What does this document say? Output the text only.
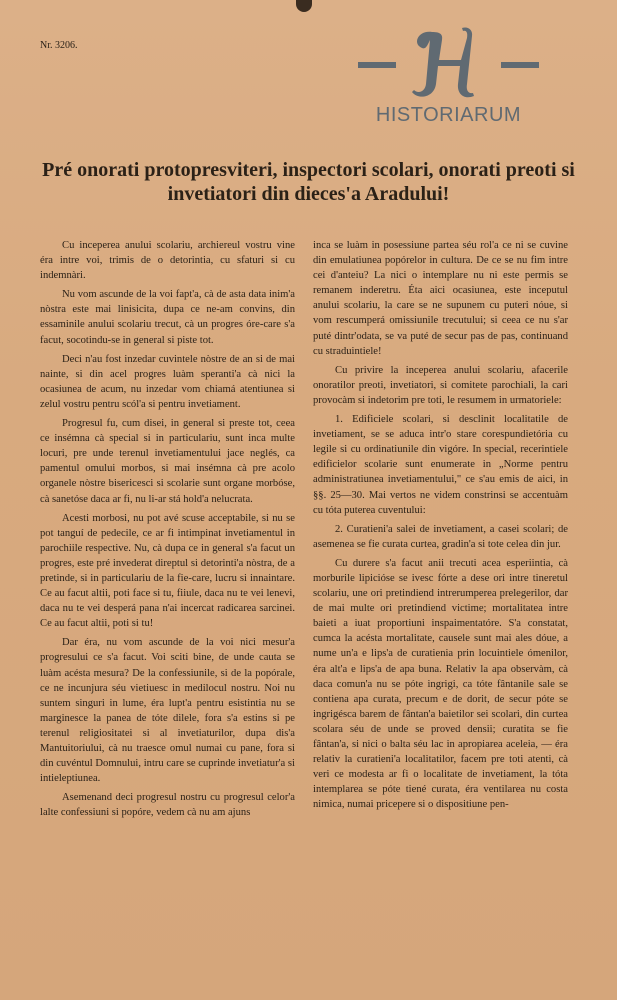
Nr. 3206.
HISTORIARUM
Pré onorati protopresviteri, inspectori scolari, onorati preoti si invetiatori din dieces'a Aradului!

Cu inceperea anului scolariu, archiereul vostru vine éra intre voi, trimis de o detorintia, cu sfaturi si cu indemnàri.

Nu vom ascunde de la voi fapt'a, cà de asta data inim'a nòstra este mai linisicita, dupa ce ne-am convins, din essaminile anului scolariu trecut, cà un progres óre-care s'a facut, socotindu-se in general si piste tot.

Deci n'au fost inzedar cuvintele nòstre de an si de mai nainte, si din acel progres luàm speranti'a cà nici la ocasiunea de acum, nu inzedar vom chiamá atentiunea si zelul vostru pentru scól'a si pentru invetiament.

Progresul fu, cum disei, in general si preste tot, ceea ce insémna cà special si in particulariu, sunt inca multe locuri, pre unde terenul invetiamentului jace neglés, ca pamentul omului morbos, si mai insémna cà pre acolo organele nòstre bisericesci si scolarie sunt organe morbóse, cà sanetóse daca ar fi, nu li-ar stá hold'a nelucrata.

Acesti morbosi, nu pot avé scuse acceptabile, si nu se pot tanguí de pedecile, ce ar fi intimpinat invetiamentul in parochiile respective. Nu, cà dupa ce in general s'a facut un progres, este pré invederat direptul si detorinti'a nòstra, de a pretinde, si in particulariu de la fie-care, lucru si innaintare. Ce au facut altii, poti face si tu, fiiule, daca nu te vei lenevi, daca nu te vei desperá pana n'ai incercat radicarea sarcinei. Ce au facut altii, poti si tu!

Dar éra, nu vom ascunde de la voi nici mesur'a progresului ce s'a facut. Voi sciti bine, de unde cauta se luàm acésta mesura? De la confessiunile, si de la popórale, ce ne incunjura séu vietiuesc in medilocul nostru. Noi nu suntem singuri in lume, éra lupt'a pentru esistintia nu se marginesce la panea de tóte dilele, fora s'a estins si pe terenul religiositatei si al invetiaturilor, dupa dis'a Mantuitoriului, cà nu traesce omul numai cu pane, fora si din cuvéntul Domnului, intru care se cuprinde invetiatur'a si intieleptiunea.

Asemenand deci progresul nostru cu progresul celor'a lalte confessiuni si popóre, vedem cà nu am ajuns

inca se luàm in posessiune partea séu rol'a ce ni se cuvine din emulatiunea popórelor in cultura. De ce se nu fim intre cei d'anteiu? La nici o intemplare nu ni este permis se remanem inderetru. Éta aici ocasiunea, este inceputul anului scolariu, la care se ne supunem cu puteri nóue, si vom rescumperá omissiunile trecutului; si ceea ce nu s'ar puté dintr'odata, se va puté de secur pas de pas, continuand cu straduintiele!

Cu privire la inceperea anului scolariu, afacerile onoratilor preoti, invetiatori, si comitete parochiali, la cari provocàm si indetorim pre toti, le resumem in urmatoriele:

1. Edificiele scolari, si desclinit localitatile de invetiament, se se aduca intr'o stare corespundietória cu legile si cu ordinatiunile din vigóre. In special, recerintiele edificielor scolarie sunt enumerate in „Norme pentru administratiunea invetiamentului," ce s'au emis de aici, in §§. 25—30. Mai vertos ne videm constrinsi se accentuàm cu tóta puterea cuventului:

2. Curatieni'a salei de invetiament, a casei scolari; de asemenea se fie curata curtea, gradin'a si tote celea din jur.

Cu durere s'a facut anii trecuti acea esperiintia, cà morburile lipicióse se ivesc fórte a dese ori intre tineretul scolariu, une ori pretindiend intrerumperea prelegerilor, dar de mai multe ori pretindiend victime; mortalitatea intre baieti a iuat proportiuni inspaimentatóre. S'a constatat, cumca la acésta mortalitate, causele sunt mai ales dóue, a nume un'a e lips'a de curatienia prin locuintiele ómenilor, éra alt'a e lips'a de apa buna. Relativ la apa observàm, cà daca comun'a nu se póte ingrigi, ca tóte fântanile sale se contiena apa curata, precum e de dorit, de secur póte se ingrigésca barem de fântan'a baietilor sei scolari, din curtea scolara séu de unde se proved densii; curatita se fie fântan'a, si nici o balta séu lac in apropiarea aceleia, — éra relativ la curatieni'a localitatilor, facem pre toti atenti, cà veri ce modesta ar fi o localitate de invetiament, la tóta intemplarea se póte tiené curata, éra ventilarea nu costa nimica, numai pricepere si o dispositiune pen-
